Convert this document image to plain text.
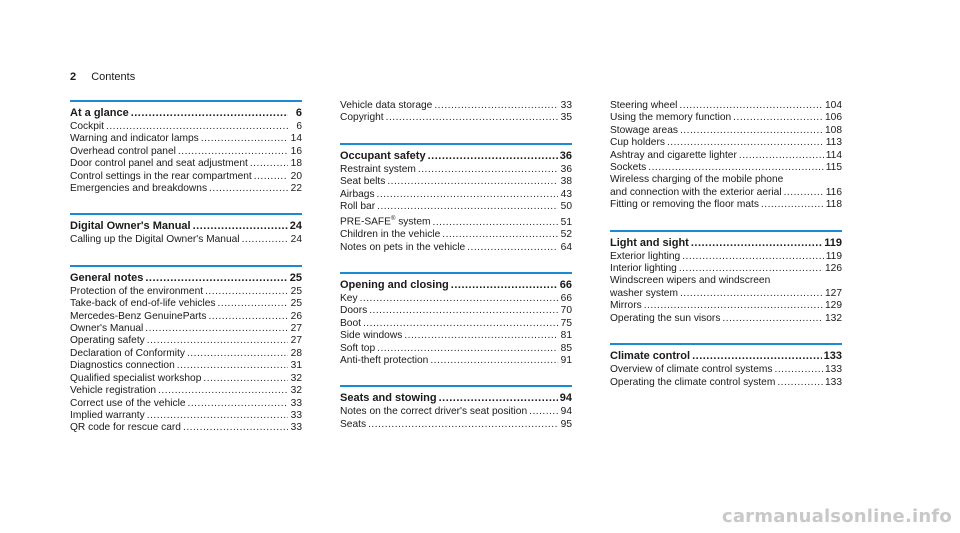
2 Contents
At a glance .....	6
Cockpit .....	6
Warning and indicator lamps .....	14
Overhead control panel .....	16
Door control panel and seat adjustment .....	18
Control settings in the rear compartment .....	20
Emergencies and breakdowns .....	22
Digital Owner's Manual .....	24
Calling up the Digital Owner's Manual .....	24
General notes .....	25
Protection of the environment .....	25
Take-back of end-of-life vehicles .....	25
Mercedes-Benz GenuineParts .....	26
Owner's Manual .....	27
Operating safety .....	27
Declaration of Conformity .....	28
Diagnostics connection .....	31
Qualified specialist workshop .....	32
Vehicle registration .....	32
Correct use of the vehicle .....	33
Implied warranty .....	33
QR code for rescue card .....	33
Vehicle data storage .....	33
Copyright .....	35
Occupant safety .....	36
Restraint system .....	36
Seat belts .....	38
Airbags .....	43
Roll bar .....	50
PRE-SAFE® system .....	51
Children in the vehicle .....	52
Notes on pets in the vehicle .....	64
Opening and closing .....	66
Key .....	66
Doors .....	70
Boot .....	75
Side windows .....	81
Soft top .....	85
Anti-theft protection .....	91
Seats and stowing .....	94
Notes on the correct driver's seat position .....	94
Seats .....	95
Steering wheel .....	104
Using the memory function .....	106
Stowage areas .....	108
Cup holders .....	113
Ashtray and cigarette lighter .....	114
Sockets .....	115
Wireless charging of the mobile phone
and connection with the exterior aerial .....	116
Fitting or removing the floor mats .....	118
Light and sight .....	119
Exterior lighting .....	119
Interior lighting .....	126
Windscreen wipers and windscreen
washer system .....	127
Mirrors .....	129
Operating the sun visors .....	132
Climate control .....	133
Overview of climate control systems .....	133
Operating the climate control system .....	133
carmanualsonline.info
